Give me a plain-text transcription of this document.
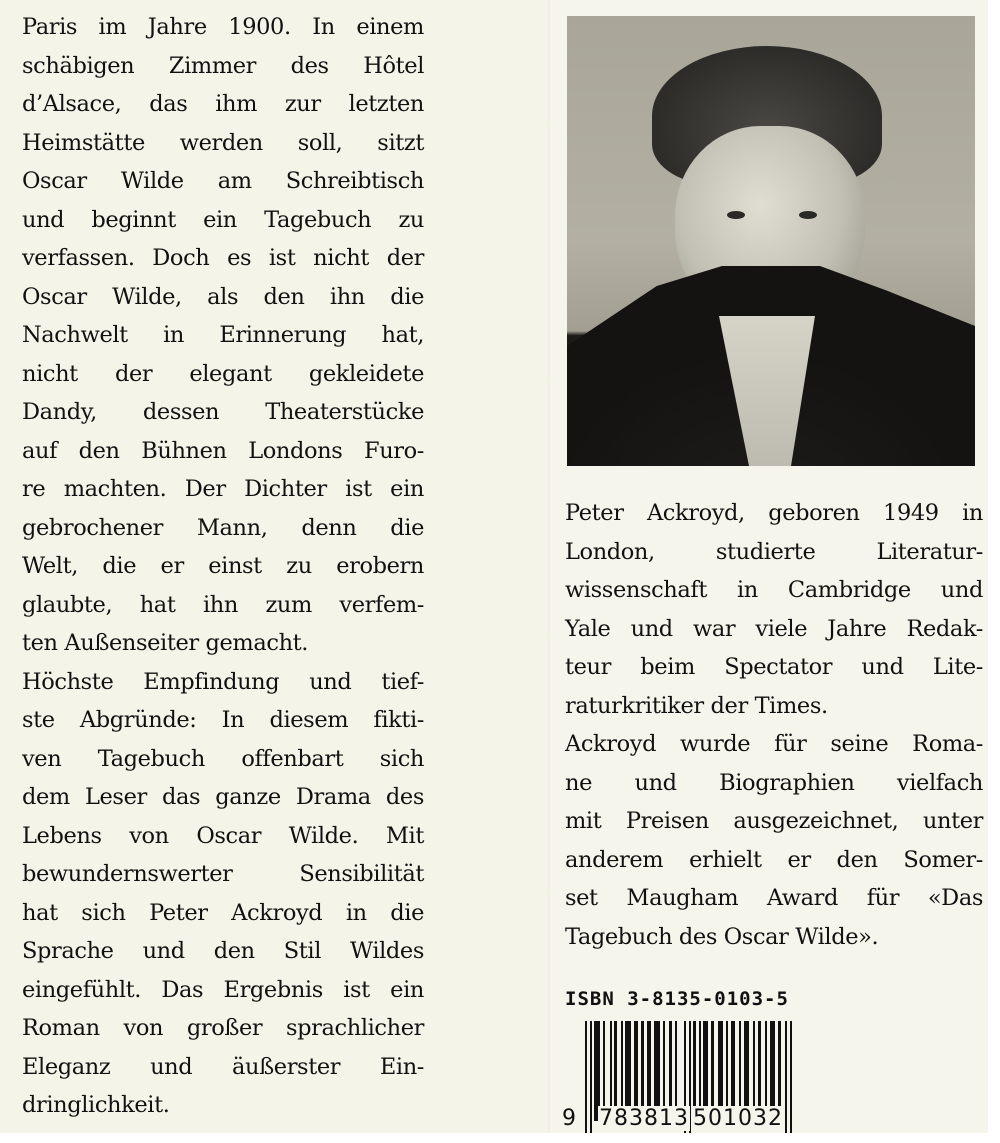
Paris im Jahre 1900. In einem
schäbigen Zimmer des Hôtel
d’Alsace, das ihm zur letzten
Heimstätte werden soll, sitzt
Oscar Wilde am Schreibtisch
und beginnt ein Tagebuch zu
verfassen. Doch es ist nicht der
Oscar Wilde, als den ihn die
Nachwelt in Erinnerung hat,
nicht der elegant gekleidete
Dandy, dessen Theaterstücke
auf den Bühnen Londons Furo-
re machten. Der Dichter ist ein
gebrochener Mann, denn die
Welt, die er einst zu erobern
glaubte, hat ihn zum verfem-
ten Außenseiter gemacht.
Höchste Empfindung und tief-
ste Abgründe: In diesem fikti-
ven Tagebuch offenbart sich
dem Leser das ganze Drama des
Lebens von Oscar Wilde. Mit
bewundernswerter Sensibilität
hat sich Peter Ackroyd in die
Sprache und den Stil Wildes
eingefühlt. Das Ergebnis ist ein
Roman von großer sprachlicher
Eleganz und äußerster Ein-
dringlichkeit.
Peter Ackroyd, geboren 1949 in
London, studierte Literatur-
wissenschaft in Cambridge und
Yale und war viele Jahre Redak-
teur beim Spectator und Lite-
raturkritiker der Times.
Ackroyd wurde für seine Roma-
ne und Biographien vielfach
mit Preisen ausgezeichnet, unter
anderem erhielt er den Somer-
set Maugham Award für «Das
Tagebuch des Oscar Wilde».
ISBN 3-8135-0103-5
9 783813 501032
